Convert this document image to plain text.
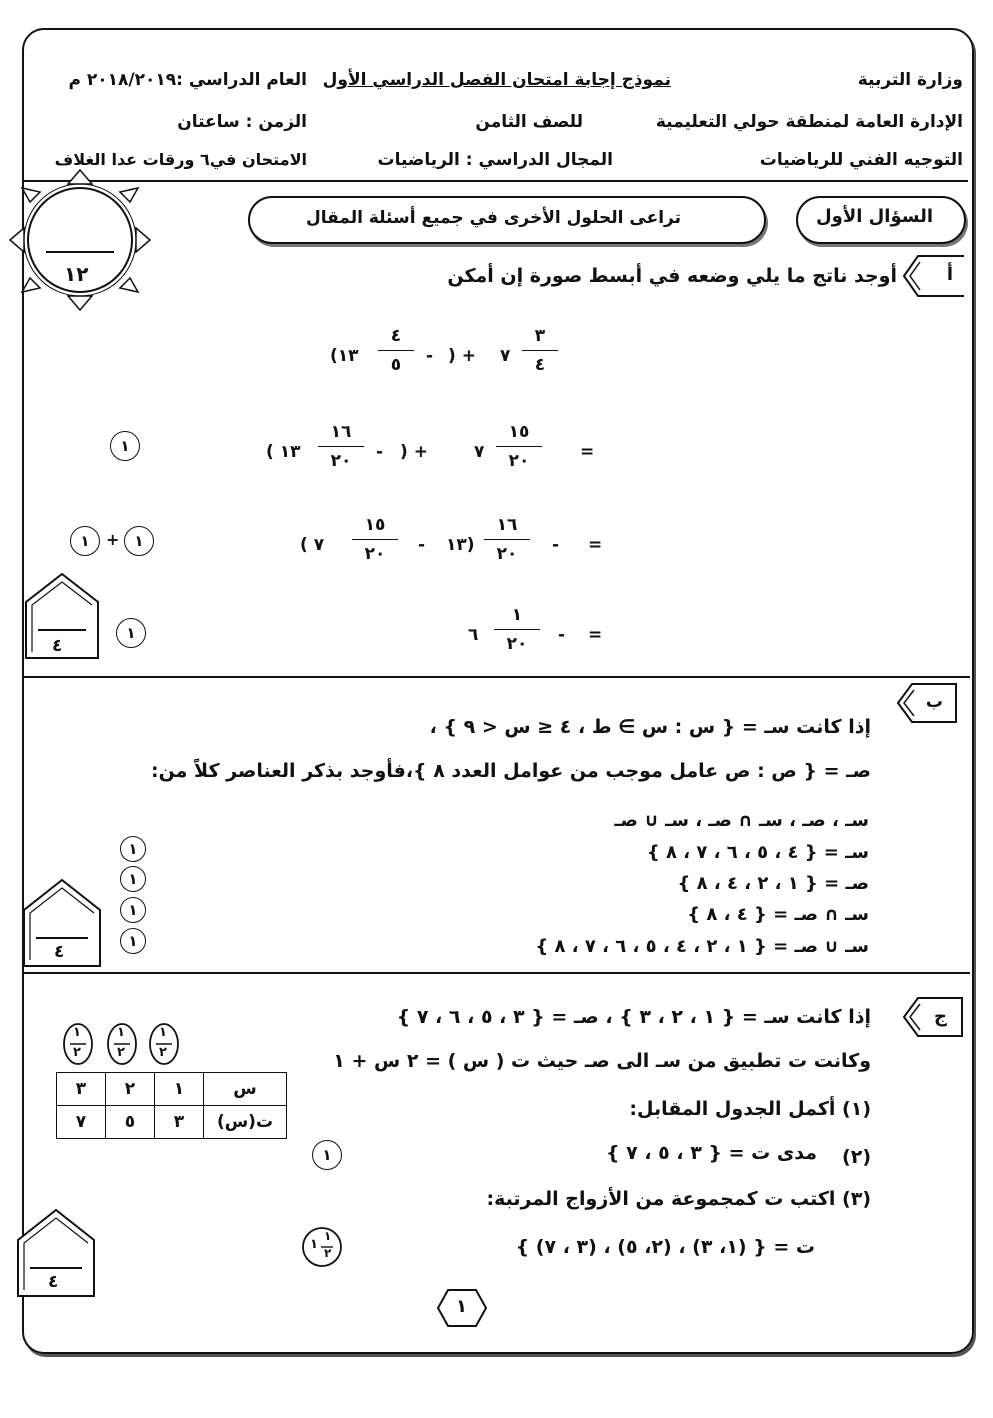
وزارة التربية
الإدارة العامة لمنطقة حولي التعليمية
التوجيه الفني للرياضيات
نموذج إجابة امتحان الفصل الدراسي الأول
للصف الثامن
المجال الدراسي : الرياضيات
العام الدراسي :٢٠١٨/٢٠١٩ م
الزمن : ساعتان
الامتحان في٦ ورقات عدا الغلاف
السؤال الأول
تراعى الحلول الأخرى في جميع أسئلة المقال
١٢	أ
أوجد ناتج ما يلي وضعه في أبسط صورة إن أمكن
٣
٤
٧
+ (
-
٤
٥
١٣)
=
١٥
٢٠
٧
+ (
-
١٦
٢٠
١٣ )
=
-
١٦
٢٠
(١٣
-
١٥
٢٠
٧ )
=
-
١
٢٠
٦
١
١
+
١
١
٤
ب
إذا كانت سـ = { س : س ∋ ط ، ٤ ≤ س < ٩ } ،
صـ = { ص : ص عامل موجب من عوامل العدد ٨ }،فأوجد بذكر العناصر كلاً من:
سـ ، صـ ، سـ ∩ صـ ، سـ ∪ صـ
سـ = { ٤ ، ٥ ، ٦ ، ٧ ، ٨ }
صـ = { ١ ، ٢ ، ٤ ، ٨ }
سـ ∩ صـ = { ٤ ، ٨ }
سـ ∪ صـ = { ١ ، ٢ ، ٤ ، ٥ ، ٦ ، ٧ ، ٨ }
١
١
١
١
٤
ج
إذا كانت سـ = { ١ ، ٢ ، ٣ } ، صـ = { ٣ ، ٥ ، ٦ ، ٧ }
وكانت ت تطبيق من سـ الى صـ حيث ت ( س ) = ٢ س + ١
(١) أكمل الجدول المقابل:
(٢)
مدى ت = { ٣ ، ٥ ، ٧ }
(٣) اكتب ت كمجموعة من الأزواج المرتبة:
ت = { (١، ٣) ، (٢، ٥) ، (٣ ، ٧) }
١
٢
١
٢
١
٢
س	١	٢	٣
ت(س)	٣	٥	٧
١
١
١
٢
٤
١
